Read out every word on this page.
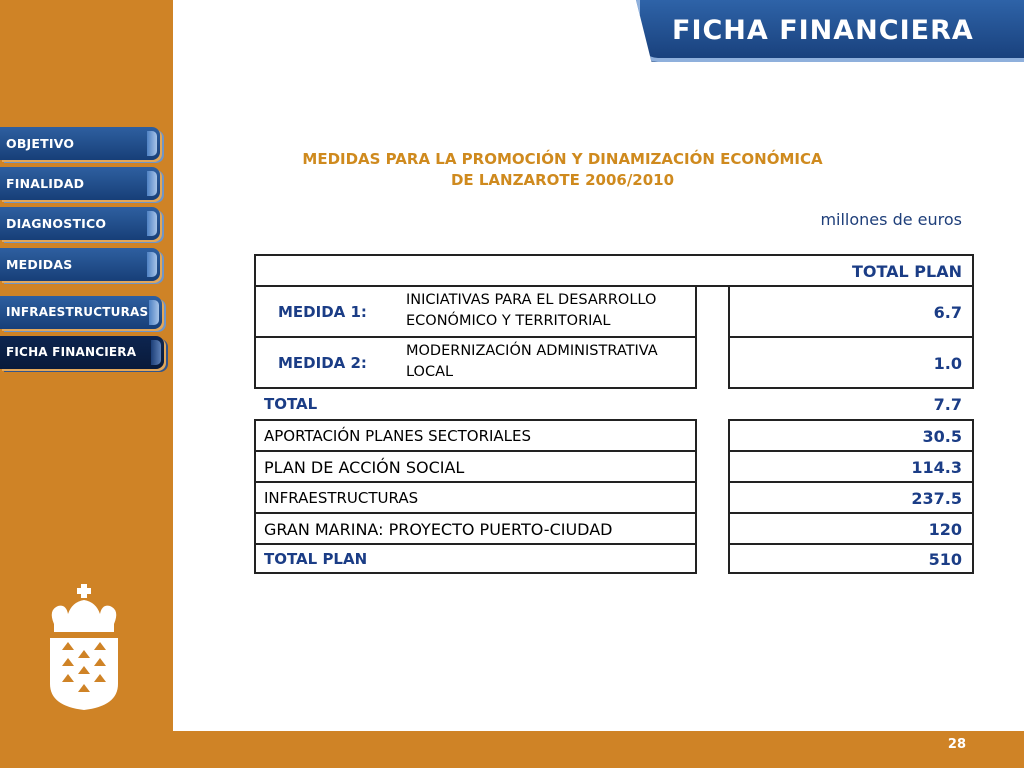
OBJETIVO
FINALIDAD
DIAGNOSTICO
MEDIDAS
INFRAESTRUCTURAS
FICHA FINANCIERA
FICHA FINANCIERA
MEDIDAS PARA LA PROMOCIÓN Y DINAMIZACIÓN ECONÓMICA
DE LANZAROTE 2006/2010
millones de euros
TOTAL PLAN
MEDIDA 1:
INICIATIVAS PARA EL DESARROLLO
ECONÓMICO Y TERRITORIAL
MEDIDA 2:
MODERNIZACIÓN ADMINISTRATIVA
LOCAL
6.7
1.0
TOTAL	7.7
APORTACIÓN PLANES SECTORIALES
PLAN DE ACCIÓN SOCIAL
INFRAESTRUCTURAS
GRAN MARINA: PROYECTO PUERTO-CIUDAD
TOTAL PLAN
30.5
114.3
237.5
120
510
28
